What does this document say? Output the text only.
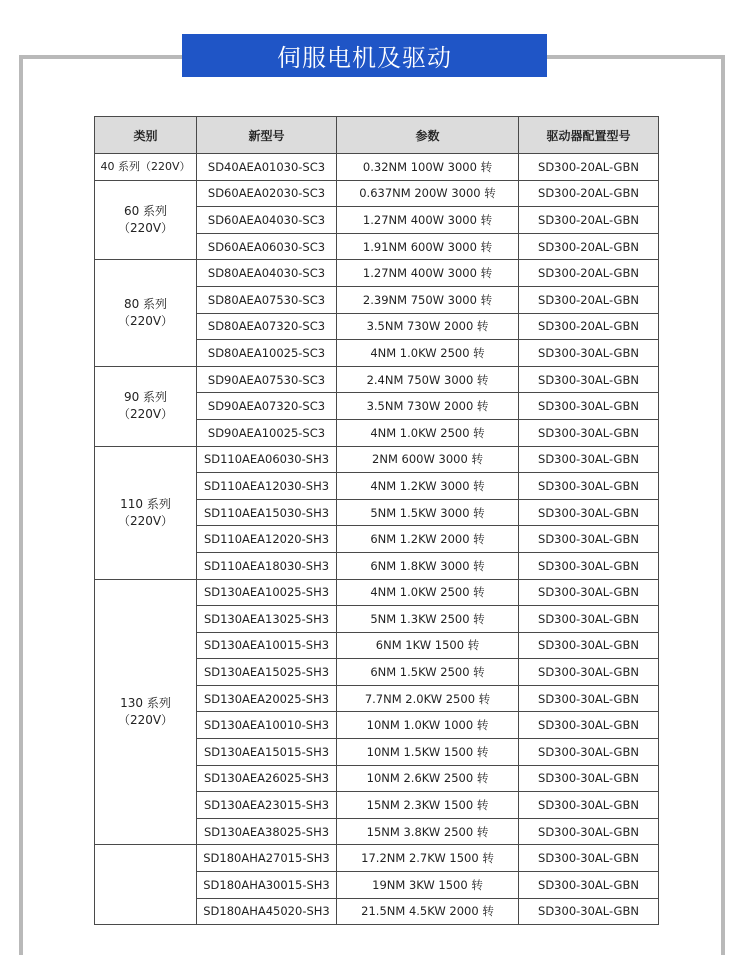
伺服电机及驱动
类别	新型号	参数	驱动器配置型号
40 系列（220V）	SD40AEA01030-SC3	0.32NM 100W 3000 转	SD300-20AL-GBN
60 系列
（220V）	SD60AEA02030-SC3	0.637NM 200W 3000 转	SD300-20AL-GBN
	SD60AEA04030-SC3	1.27NM 400W 3000 转	SD300-20AL-GBN
	SD60AEA06030-SC3	1.91NM 600W 3000 转	SD300-20AL-GBN
80 系列
（220V）	SD80AEA04030-SC3	1.27NM 400W 3000 转	SD300-20AL-GBN
	SD80AEA07530-SC3	2.39NM 750W 3000 转	SD300-20AL-GBN
	SD80AEA07320-SC3	3.5NM 730W 2000 转	SD300-20AL-GBN
	SD80AEA10025-SC3	4NM 1.0KW 2500 转	SD300-30AL-GBN
90 系列
（220V）	SD90AEA07530-SC3	2.4NM 750W 3000 转	SD300-30AL-GBN
	SD90AEA07320-SC3	3.5NM 730W 2000 转	SD300-30AL-GBN
	SD90AEA10025-SC3	4NM 1.0KW 2500 转	SD300-30AL-GBN
110 系列
（220V）	SD110AEA06030-SH3	2NM 600W 3000 转	SD300-30AL-GBN
	SD110AEA12030-SH3	4NM 1.2KW 3000 转	SD300-30AL-GBN
	SD110AEA15030-SH3	5NM 1.5KW 3000 转	SD300-30AL-GBN
	SD110AEA12020-SH3	6NM 1.2KW 2000 转	SD300-30AL-GBN
	SD110AEA18030-SH3	6NM 1.8KW 3000 转	SD300-30AL-GBN
130 系列
（220V）	SD130AEA10025-SH3	4NM 1.0KW 2500 转	SD300-30AL-GBN
	SD130AEA13025-SH3	5NM 1.3KW 2500 转	SD300-30AL-GBN
	SD130AEA10015-SH3	6NM 1KW 1500 转	SD300-30AL-GBN
	SD130AEA15025-SH3	6NM 1.5KW 2500 转	SD300-30AL-GBN
	SD130AEA20025-SH3	7.7NM 2.0KW 2500 转	SD300-30AL-GBN
	SD130AEA10010-SH3	10NM 1.0KW 1000 转	SD300-30AL-GBN
	SD130AEA15015-SH3	10NM 1.5KW 1500 转	SD300-30AL-GBN
	SD130AEA26025-SH3	10NM 2.6KW 2500 转	SD300-30AL-GBN
	SD130AEA23015-SH3	15NM 2.3KW 1500 转	SD300-30AL-GBN
	SD130AEA38025-SH3	15NM 3.8KW 2500 转	SD300-30AL-GBN
	SD180AHA27015-SH3	17.2NM 2.7KW 1500 转	SD300-30AL-GBN
	SD180AHA30015-SH3	19NM 3KW 1500 转	SD300-30AL-GBN
	SD180AHA45020-SH3	21.5NM 4.5KW 2000 转	SD300-30AL-GBN
